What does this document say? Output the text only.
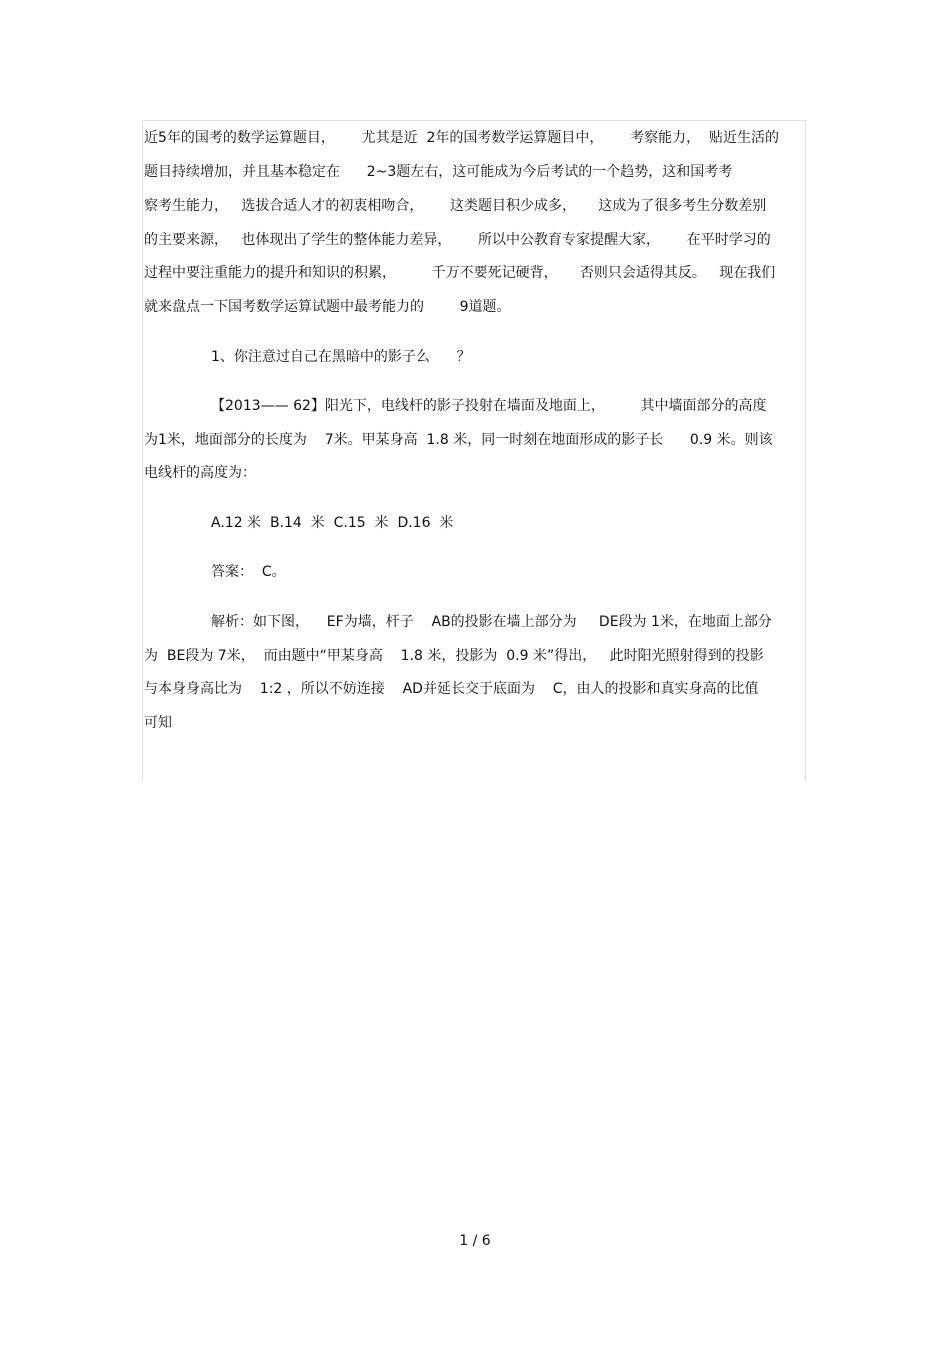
近5年的国考的数学运算题目，      尤其是近  2年的国考数学运算题目中，      考察能力，  贴近生活的
题目持续增加，并且基本稳定在      2~3题左右，这可能成为今后考试的一个趋势，这和国考考
察考生能力，   选拔合适人才的初衷相吻合，      这类题目积少成多，     这成为了很多考生分数差别
的主要来源，   也体现出了学生的整体能力差异，      所以中公教育专家提醒大家，      在平时学习的
过程中要注重能力的提升和知识的积累，        千万不要死记硬背，     否则只会适得其反。   现在我们
就来盘点一下国考数学运算试题中最考能力的        9道题。
1、你注意过自己在黑暗中的影子么      ？
【2013—— 62】阳光下，电线杆的影子投射在墙面及地面上，        其中墙面部分的高度
为1米，地面部分的长度为    7米。甲某身高  1.8 米，同一时刻在地面形成的影子长      0.9 米。则该
电线杆的高度为：
A.12 米  B.14  米  C.15  米  D.16  米
答案：  C。
解析：如下图，    EF为墙，杆子    AB的投影在墙上部分为     DE段为 1米，在地面上部分
为  BE段为 7米，  而由题中“甲某身高    1.8 米，投影为  0.9 米”得出，   此时阳光照射得到的投影
与本身身高比为    1:2 ，所以不妨连接    AD并延长交于底面为    C，由人的投影和真实身高的比值
可知
1 / 6
